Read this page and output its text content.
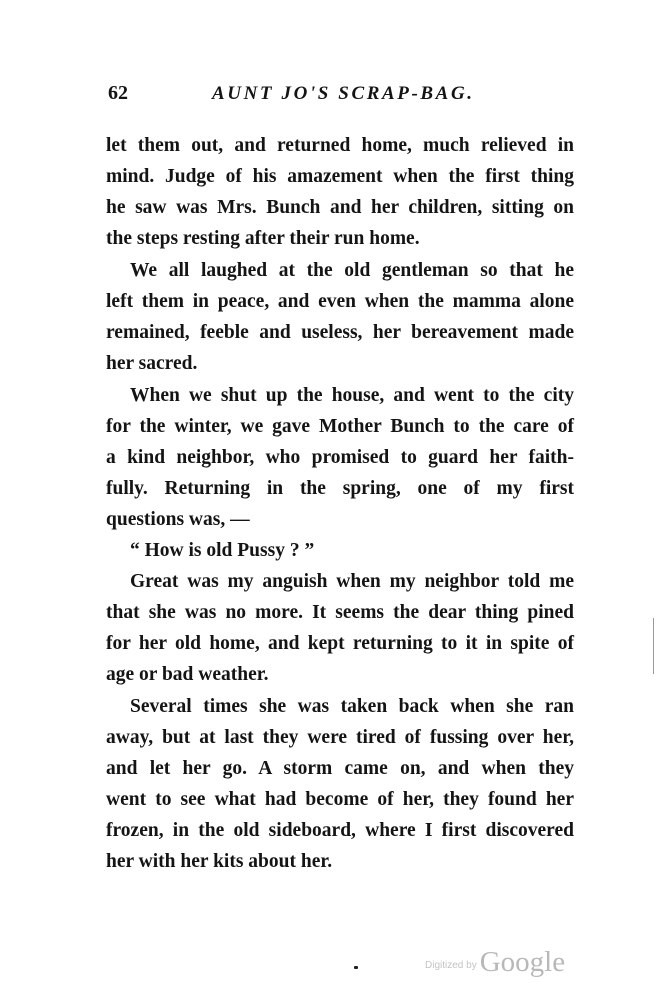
62	AUNT JO'S SCRAP-BAG.
let them out, and returned home, much relieved in
mind. Judge of his amazement when the first thing
he saw was Mrs. Bunch and her children, sitting on
the steps resting after their run home.
We all laughed at the old gentleman so that he
left them in peace, and even when the mamma alone
remained, feeble and useless, her bereavement made
her sacred.
When we shut up the house, and went to the city
for the winter, we gave Mother Bunch to the care of
a kind neighbor, who promised to guard her faith-
fully. Returning in the spring, one of my first
questions was, —
“ How is old Pussy ? ”
Great was my anguish when my neighbor told me
that she was no more. It seems the dear thing pined
for her old home, and kept returning to it in spite of
age or bad weather.
Several times she was taken back when she ran
away, but at last they were tired of fussing over her,
and let her go. A storm came on, and when they
went to see what had become of her, they found her
frozen, in the old sideboard, where I first discovered
her with her kits about her.
Digitized by Google
